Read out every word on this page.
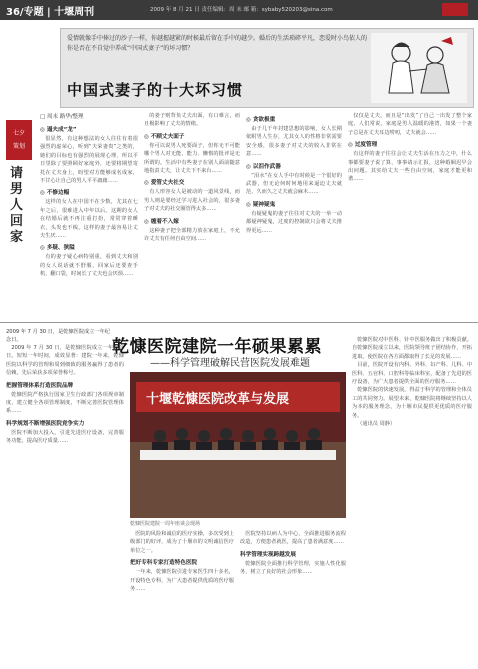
36/专题 | 十堰周刊	2009 年 8 月 21 日 责任编辑：周 末 邮 箱：sybaby520203@sina.com
爱情就像手中捧过的沙子一样，你越握越紧的时候最后留在手中的越少。婚后的生活琐碎平凡，恋爱时小鸟依人的你是否在不自觉中养成“中国式妻子”的坏习惯？
中国式妻子的十大坏习惯
七夕
策划
请男人回家
□ 周末 路华/整理
◎ 逼夫成“龙”
很显然，有这种想法的女人往往有着很强烈的虚荣心，听到“夫荣妻贵”之类的，她们的目标也有强烈的展现心理，所以平日里除了要照顾好家庭外，还要将期望寄托在丈夫身上，盼望对方能够成名成家，不甘心让自己的男人平平庸庸……
◎ 不修边幅
这样的女人在中国不在少数，尤其在七年之后，很难进入中年以后。这期的女人在结婚后就不再注重打扮，常常穿着睡衣，头发也不梳，这样的妻子最容易让丈夫生厌……
◎ 多疑、狭隘
有的妻子疑心病特别重，看到丈夫和别的女人说话就不舒服，回家后还要查手机、翻口袋，时间长了丈夫也会厌烦……
的妻子则背负丈夫出面，有口难言，而且极影响了丈夫的情绪。
◎ 不顾丈夫面子
你可以说男人死要面子，但你无不可能哪个男人对无能、能力、懒惰的批评是无所谓的。生活中有些妻子在别人面前随意地指责丈夫，让丈夫下不来台……
◎ 爱管丈夫社交
有人形容女人是被动的一道风景线，而男人则是要经过学习进入社会的，很多妻子对丈夫的社交圈管得太多……
◎ 缠着不入嫁
这种妻子把全部精力放在家庭上，不允许丈夫有任何自由空间……
◎ 贪欲极重
由于几千年封建思想的影响，女人长期依附男人生存，尤其女人的性格非常需要安全感，很多妻子对丈夫的收入非常在意……
◎ 以泪作武器
“泪水”在女人手中有时候是一个很好的武器，但无论何时何地用来逼迫丈夫就范，久而久之丈夫就会麻木……
◎ 疑神疑鬼
有疑疑鬼的妻子往往对丈夫的一举一动都疑神疑鬼，过度的控制欲只会将丈夫推得更远……
仅仅是丈夫，而且是“出发”了自己一出发了整个家庭，人们常说，家庭是男人温暖的港湾，如果一个妻子总是在丈夫耳边唠叨，丈夫就会……
◎ 过度管理
有这样的妻子往往会让丈夫生活在压力之中，什么事都要妻子说了算，事事请示汇报，这种婚姻迟早会出问题。其实给丈夫一些自由空间，家庭才能更和谐……
2009 年 7 月 30 日，是乾慷医院成立一年纪念日。	乾慷医院建院一年硕果累累
——科学管理破解民营医院发展难题
2009 年 7 月 30 日，是乾慷医院成立一年纪念日。短短一年时间，成效显著：建院一年来，乾慷医院以科学的管理和周到细致的服务赢得了患者的信赖，先后荣获多项荣誉称号。
把握管理体系打造医院品牌
乾慷医院严格执行国家卫生行政部门各项规章制度，建立健全各项管理制度，不断完善医院管理体系……
科学规划不断增强医院竞争实力
医院不断加大投入，引进先进医疗设备，完善服务功能，提高医疗质量……
十堰乾慷医院改革与发展
乾慷医院建院一周年座谈会现场
医院的风险和诚信的医疗实操，多次受到上级部门的好评，成为了十堰市的文明诚信医疗单位之一。
把好专科专家打造特色医院
一年来，乾慷医院引进专家医生四十多名，开设特色专科，为广大患者提供优质的医疗服务……
医院坚持以病人为中心，全面推进服务流程改造，方便患者就医，提高了患者满意度……
科学管理实现跨越发展
乾慷医院全面推行科学管理，实施人性化服务，树立了良好的社会形象……
乾慷医院对中医科、针中医服务做出了积极贡献。自乾慷医院成立以来，医院领导班子团结协作，开拓进取，使医院在各方面都取得了长足的发展……
目前，医院开设有内科、外科、妇产科、儿科、中医科、五官科、口腔科等临床科室，配备了先进的医疗设备，为广大患者提供全面的医疗服务……
乾慷医院的快速发展，得益于科学的管理和全体员工的共同努力。展望未来，乾慷医院将继续坚持以人为本的服务理念，为十堰市民提供更优质的医疗服务。
（通讯员 周静）
